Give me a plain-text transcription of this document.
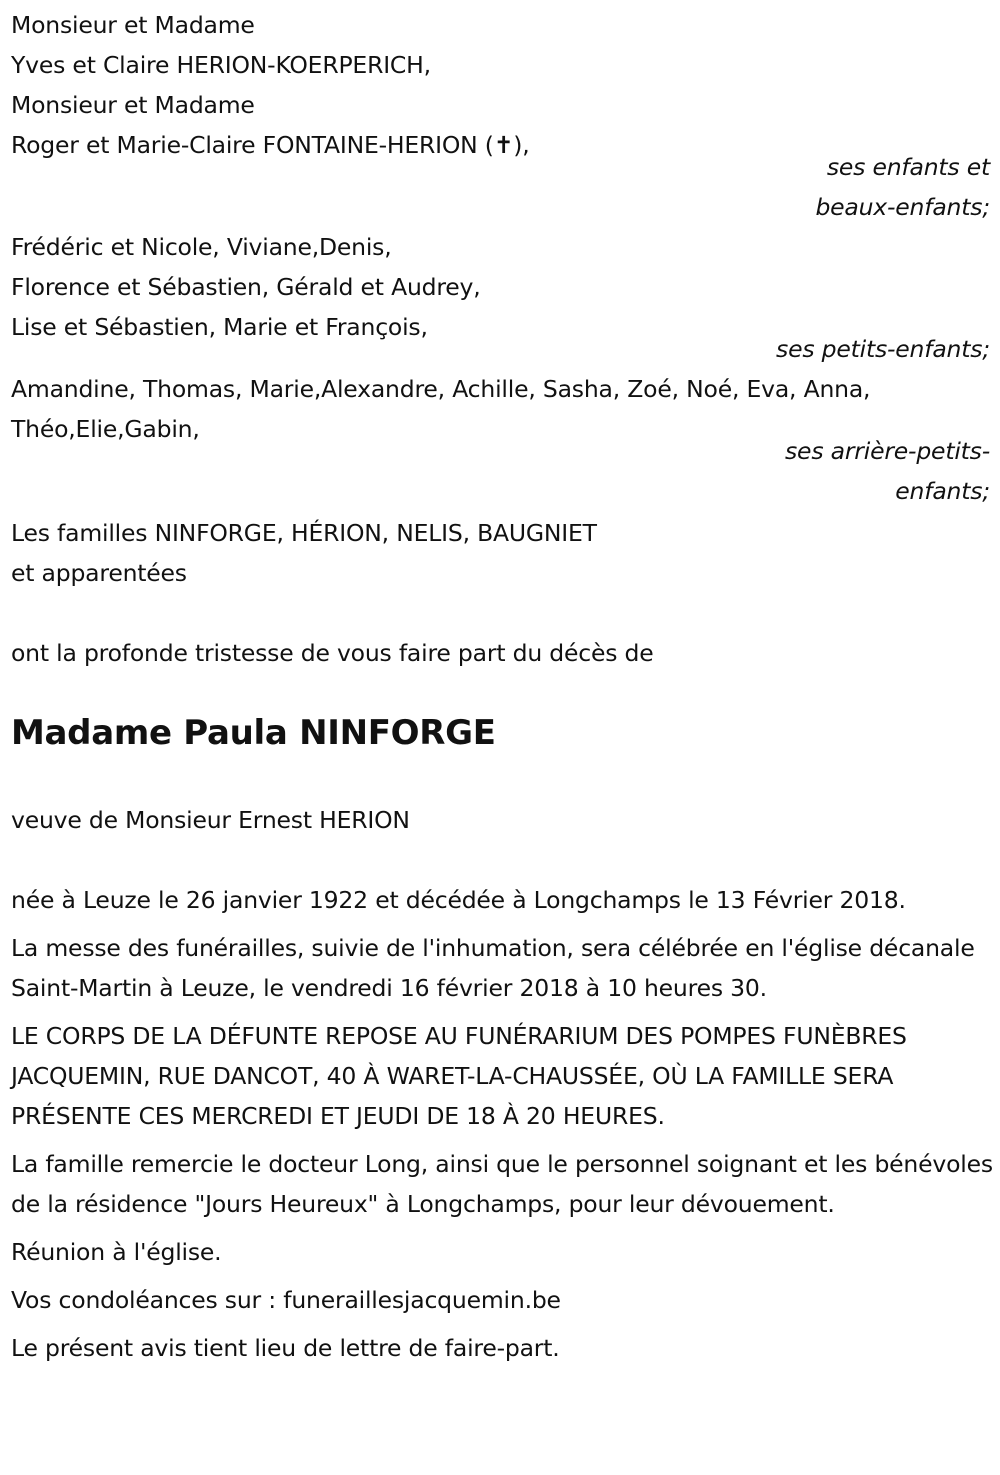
Monsieur et Madame
Yves et Claire HERION-KOERPERICH,
Monsieur et Madame
Roger et Marie-Claire FONTAINE-HERION (✝),
ses enfants et
beaux-enfants;
Frédéric et Nicole, Viviane,Denis,
Florence et Sébastien, Gérald et Audrey,
Lise et Sébastien, Marie et François,
ses petits-enfants;
Amandine, Thomas, Marie,Alexandre, Achille, Sasha, Zoé, Noé, Eva, Anna,
Théo,Elie,Gabin,
ses arrière-petits-
enfants;
Les familles NINFORGE, HÉRION, NELIS, BAUGNIET
et apparentées
ont la profonde tristesse de vous faire part du décès de
Madame Paula NINFORGE
veuve de Monsieur Ernest HERION

née à Leuze le 26 janvier 1922 et décédée à Longchamps le 13 Février 2018.

La messe des funérailles, suivie de l'inhumation, sera célébrée en l'église décanale Saint-Martin à Leuze, le vendredi 16 février 2018 à 10 heures 30.

LE CORPS DE LA DÉFUNTE REPOSE AU FUNÉRARIUM DES POMPES FUNÈBRES JACQUEMIN, RUE DANCOT, 40 À WARET-LA-CHAUSSÉE, OÙ LA FAMILLE SERA PRÉSENTE CES MERCREDI ET JEUDI DE 18 À 20 HEURES.

La famille remercie le docteur Long, ainsi que le personnel soignant et les bénévoles de la résidence "Jours Heureux" à Longchamps, pour leur dévouement.

Réunion à l'église.

Vos condoléances sur : funeraillesjacquemin.be

Le présent avis tient lieu de lettre de faire-part.
